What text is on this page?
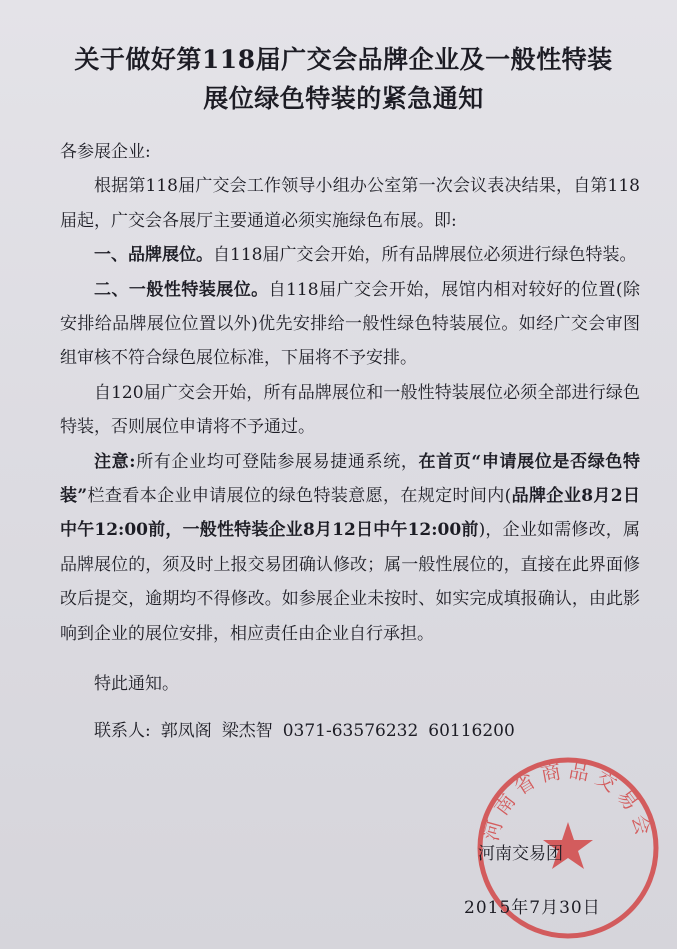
关于做好第118届广交会品牌企业及一般性特装
展位绿色特装的紧急通知

各参展企业:

根据第118届广交会工作领导小组办公室第一次会议表决结果，自第118届起，广交会各展厅主要通道必须实施绿色布展。即:

一、品牌展位。自118届广交会开始，所有品牌展位必须进行绿色特装。

二、一般性特装展位。自118届广交会开始，展馆内相对较好的位置(除安排给品牌展位位置以外)优先安排给一般性绿色特装展位。如经广交会审图组审核不符合绿色展位标准，下届将不予安排。

自120届广交会开始，所有品牌展位和一般性特装展位必须全部进行绿色特装，否则展位申请将不予通过。

注意:所有企业均可登陆参展易捷通系统，在首页“申请展位是否绿色特装”栏查看本企业申请展位的绿色特装意愿，在规定时间内(品牌企业8月2日中午12:00前，一般性特装企业8月12日中午12:00前)，企业如需修改，属品牌展位的，须及时上报交易团确认修改；属一般性展位的，直接在此界面修改后提交，逾期均不得修改。如参展企业未按时、如实完成填报确认，由此影响到企业的展位安排，相应责任由企业自行承担。

特此通知。

联系人: 郭凤阁 梁杰智 0371-63576232 60116200

河南省商品交易会
河南交易团
2015年7月30日
